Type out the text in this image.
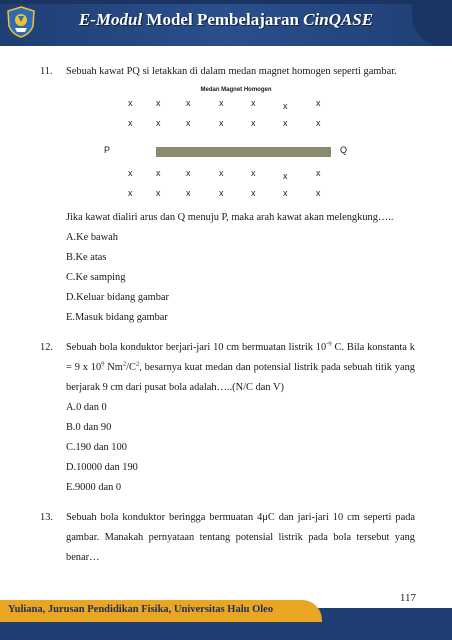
E-Modul Model Pembelajaran CinQASE
11. Sebuah kawat PQ si letakkan di dalam medan magnet homogen seperti gambar.
Medan Magnet Homogen
x	x	x	x	x	x	x
x	x	x	x	x	x	x
P	Q
x	x	x	x	x	x	x
x	x	x	x	x	x	x
Jika kawat dialiri arus dan Q menuju P, maka arah kawat akan melengkung…..
A.Ke bawah
B.Ke atas
C.Ke samping
D.Keluar bidang gambar
E.Masuk bidang gambar
12. Sebuah bola konduktor berjari-jari 10 cm bermuatan listrik $10^{-9}$ C. Bila konstanta k = 9 x $10^9$ $Nm^2/C^2$, besarnya kuat medan dan potensial listrik pada sebuah titik yang berjarak 9 cm dari pusat bola adalah…..(N/C dan V)
A.0 dan 0
B.0 dan 90
C.190 dan 100
D.10000 dan 190
E.9000 dan 0
13. Sebuah bola konduktor beringga bermuatan 4μC dan jari-jari 10 cm seperti pada gambar. Manakah pernyataan tentang potensial listrik pada bola tersebut yang benar…
117
Yuliana, Jurusan Pendidikan Fisika, Universitas Halu Oleo
